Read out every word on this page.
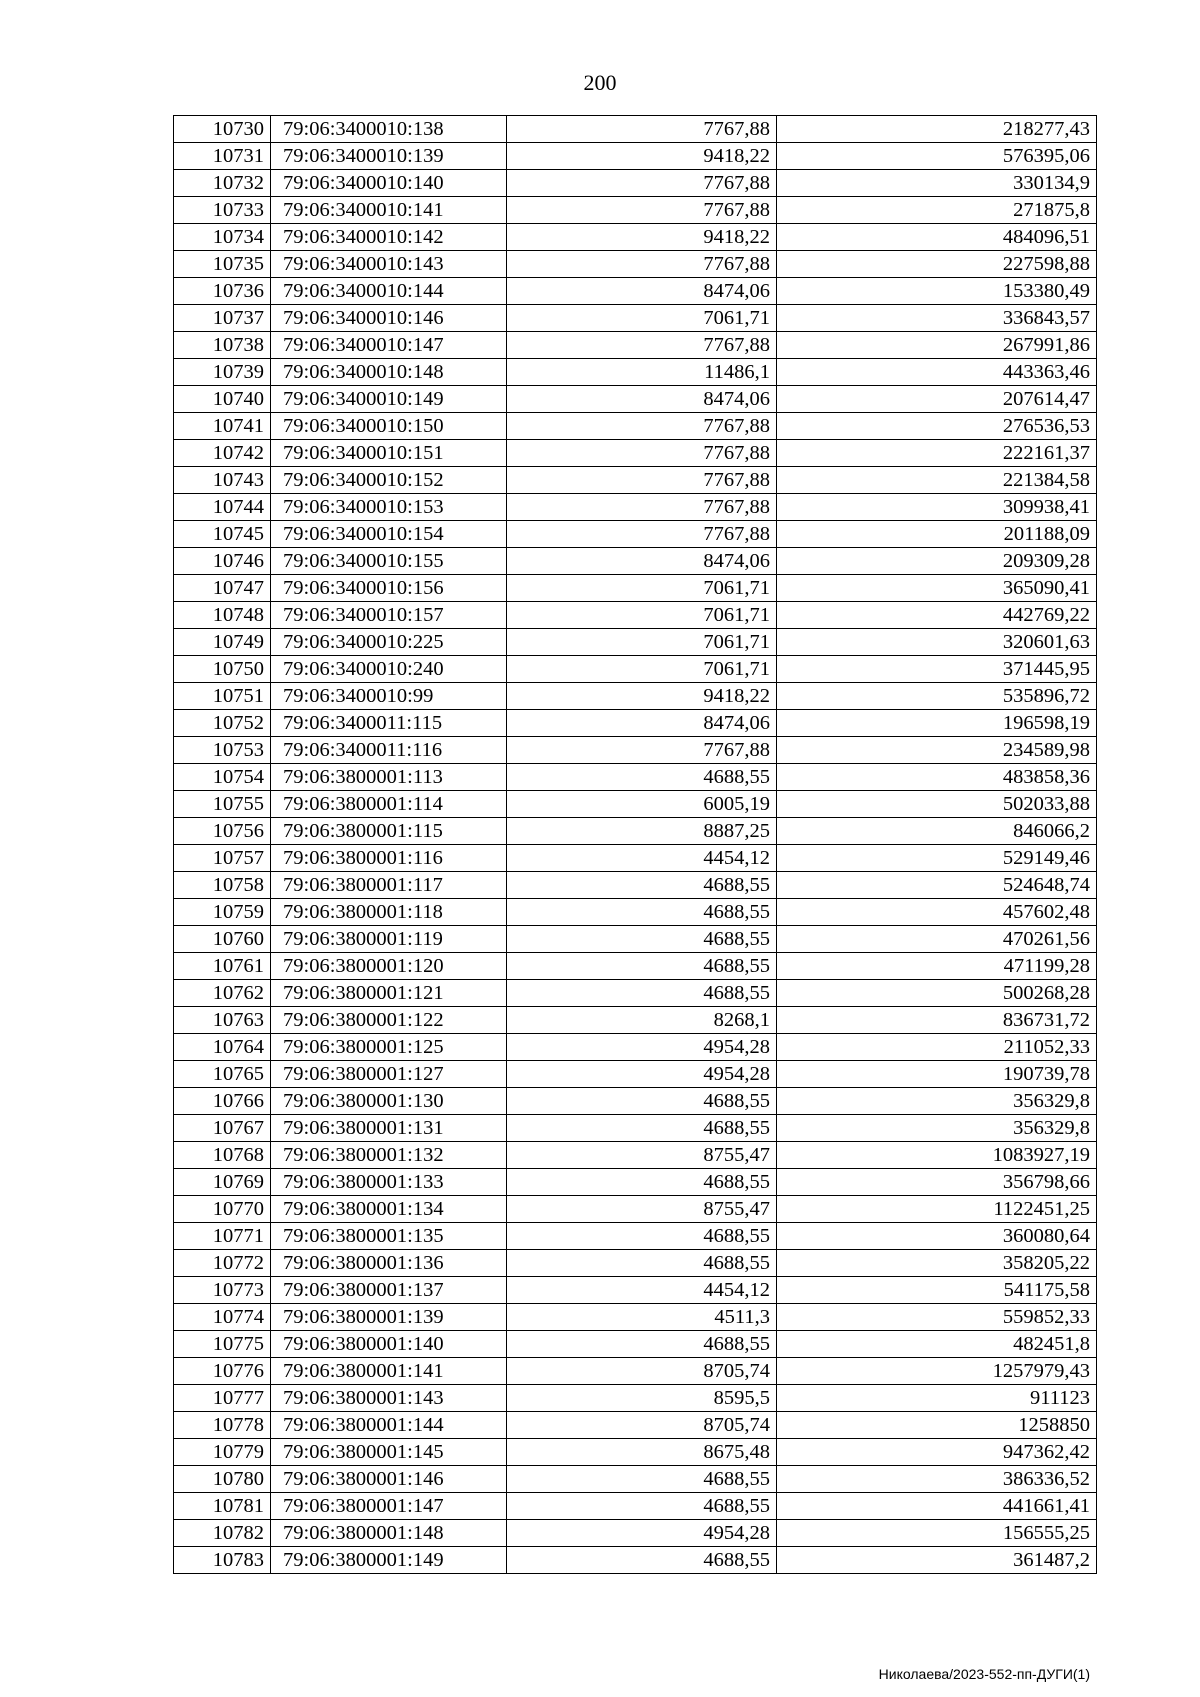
200
10730	79:06:3400010:138	7767,88	218277,43
10731	79:06:3400010:139	9418,22	576395,06
10732	79:06:3400010:140	7767,88	330134,9
10733	79:06:3400010:141	7767,88	271875,8
10734	79:06:3400010:142	9418,22	484096,51
10735	79:06:3400010:143	7767,88	227598,88
10736	79:06:3400010:144	8474,06	153380,49
10737	79:06:3400010:146	7061,71	336843,57
10738	79:06:3400010:147	7767,88	267991,86
10739	79:06:3400010:148	11486,1	443363,46
10740	79:06:3400010:149	8474,06	207614,47
10741	79:06:3400010:150	7767,88	276536,53
10742	79:06:3400010:151	7767,88	222161,37
10743	79:06:3400010:152	7767,88	221384,58
10744	79:06:3400010:153	7767,88	309938,41
10745	79:06:3400010:154	7767,88	201188,09
10746	79:06:3400010:155	8474,06	209309,28
10747	79:06:3400010:156	7061,71	365090,41
10748	79:06:3400010:157	7061,71	442769,22
10749	79:06:3400010:225	7061,71	320601,63
10750	79:06:3400010:240	7061,71	371445,95
10751	79:06:3400010:99	9418,22	535896,72
10752	79:06:3400011:115	8474,06	196598,19
10753	79:06:3400011:116	7767,88	234589,98
10754	79:06:3800001:113	4688,55	483858,36
10755	79:06:3800001:114	6005,19	502033,88
10756	79:06:3800001:115	8887,25	846066,2
10757	79:06:3800001:116	4454,12	529149,46
10758	79:06:3800001:117	4688,55	524648,74
10759	79:06:3800001:118	4688,55	457602,48
10760	79:06:3800001:119	4688,55	470261,56
10761	79:06:3800001:120	4688,55	471199,28
10762	79:06:3800001:121	4688,55	500268,28
10763	79:06:3800001:122	8268,1	836731,72
10764	79:06:3800001:125	4954,28	211052,33
10765	79:06:3800001:127	4954,28	190739,78
10766	79:06:3800001:130	4688,55	356329,8
10767	79:06:3800001:131	4688,55	356329,8
10768	79:06:3800001:132	8755,47	1083927,19
10769	79:06:3800001:133	4688,55	356798,66
10770	79:06:3800001:134	8755,47	1122451,25
10771	79:06:3800001:135	4688,55	360080,64
10772	79:06:3800001:136	4688,55	358205,22
10773	79:06:3800001:137	4454,12	541175,58
10774	79:06:3800001:139	4511,3	559852,33
10775	79:06:3800001:140	4688,55	482451,8
10776	79:06:3800001:141	8705,74	1257979,43
10777	79:06:3800001:143	8595,5	911123
10778	79:06:3800001:144	8705,74	1258850
10779	79:06:3800001:145	8675,48	947362,42
10780	79:06:3800001:146	4688,55	386336,52
10781	79:06:3800001:147	4688,55	441661,41
10782	79:06:3800001:148	4954,28	156555,25
10783	79:06:3800001:149	4688,55	361487,2
Николаева/2023-552-пп-ДУГИ(1)
